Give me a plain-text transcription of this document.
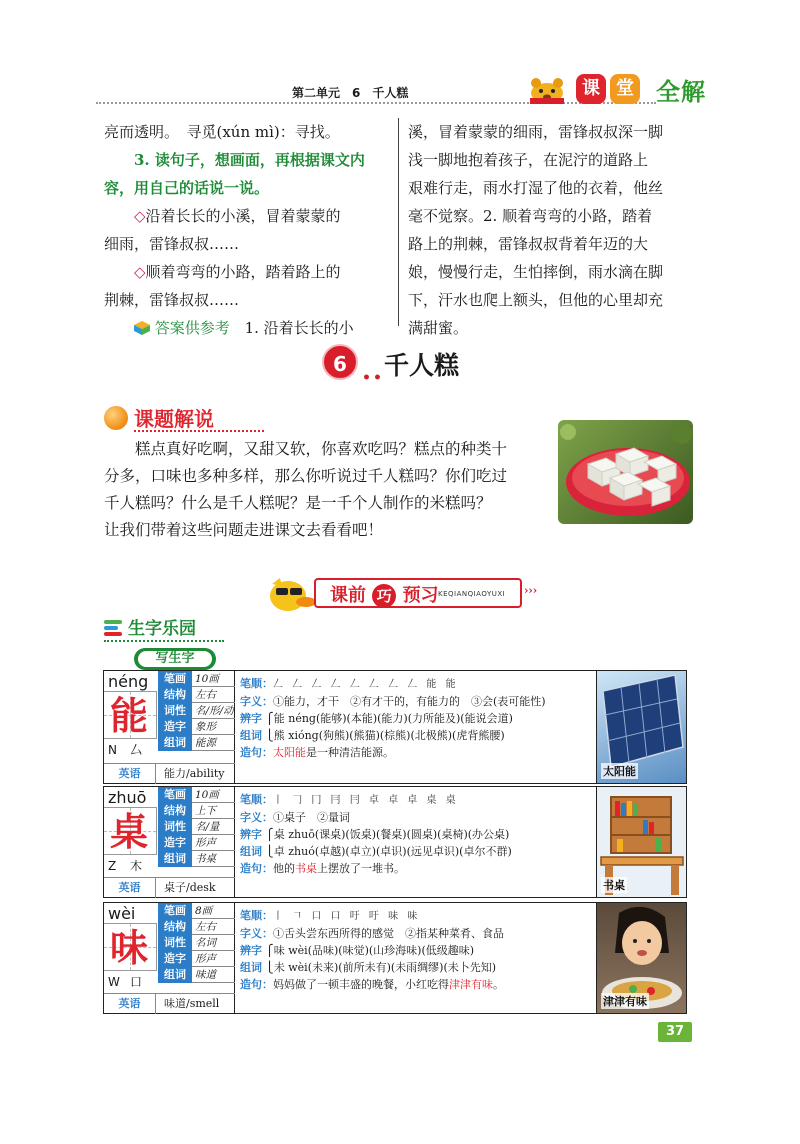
第二单元　6　千人糕	课 堂 全解

亮而透明。　寻觅(xún mì)：寻找。

3. 读句子，想画面，再根据课文内

容，用自己的话说一说。

◇沿着长长的小溪，冒着蒙蒙的

细雨，雷锋叔叔……

◇顺着弯弯的小路，踏着路上的

荆棘，雷锋叔叔……

答案供参考 1. 沿着长长的小

溪，冒着蒙蒙的细雨，雷锋叔叔深一脚

浅一脚地抱着孩子，在泥泞的道路上

艰难行走，雨水打湿了他的衣着，他丝

毫不觉察。2. 顺着弯弯的小路，踏着

路上的荆棘，雷锋叔叔背着年迈的大

娘，慢慢行走，生怕摔倒，雨水滴在脚

下，汗水也爬上额头，但他的心里却充

满甜蜜。

6
•• 千人糕
课题解说

糕点真好吃啊，又甜又软，你喜欢吃吗？糕点的种类十

分多，口味也多种多样，那么你听说过千人糕吗？你们吃过

千人糕吗？什么是千人糕呢？是一千个人制作的米糕吗？

让我们带着这些问题走进课文去看看吧！

课前 巧 预习 KEQIANQIAOYUXI ›››
生字乐园
写生字
néng
能
N 厶
笔画 10画
结构 左右
词性 名/形/动
造字 象形
组词 能源
英语 能力/ability
笔顺：𠃋 𠃋 𠃋 𠃋 𠃋 𠃋 𠃋 𠃋 能 能
字义：①能力，才干　②有才干的，有能力的　③会(表可能性)
辨字 ⎧能 néng(能够)(本能)(能力)(力所能及)(能说会道)
组词 ⎩熊 xióng(狗熊)(熊猫)(棕熊)(北极熊)(虎背熊腰)
造句：太阳能是一种清洁能源。
太阳能
zhuō
桌
Z 木
笔画 10画
结构 上下
词性 名/量
造字 形声
组词 书桌
英语 桌子/desk
笔顺：丨 𠃌 冂 冃 冃 卓 卓 卓 桌 桌
字义：①桌子　②量词
辨字 ⎧桌 zhuō(课桌)(饭桌)(餐桌)(圆桌)(桌椅)(办公桌)
组词 ⎩卓 zhuó(卓越)(卓立)(卓识)(远见卓识)(卓尔不群)
造句：他的书桌上摆放了一堆书。
书桌
wèi
味
W 口
笔画 8画
结构 左右
词性 名词
造字 形声
组词 味道
英语 味道/smell
笔顺：丨 𠃍 口 口 吁 吁 味 味
字义：①舌头尝东西所得的感觉　②指某种菜肴、食品
辨字 ⎧味 wèi(品味)(味觉)(山珍海味)(低级趣味)
组词 ⎩未 wèi(未来)(前所未有)(未雨绸缪)(未卜先知)
造句：妈妈做了一顿丰盛的晚餐，小红吃得津津有味。
津津有味
37
